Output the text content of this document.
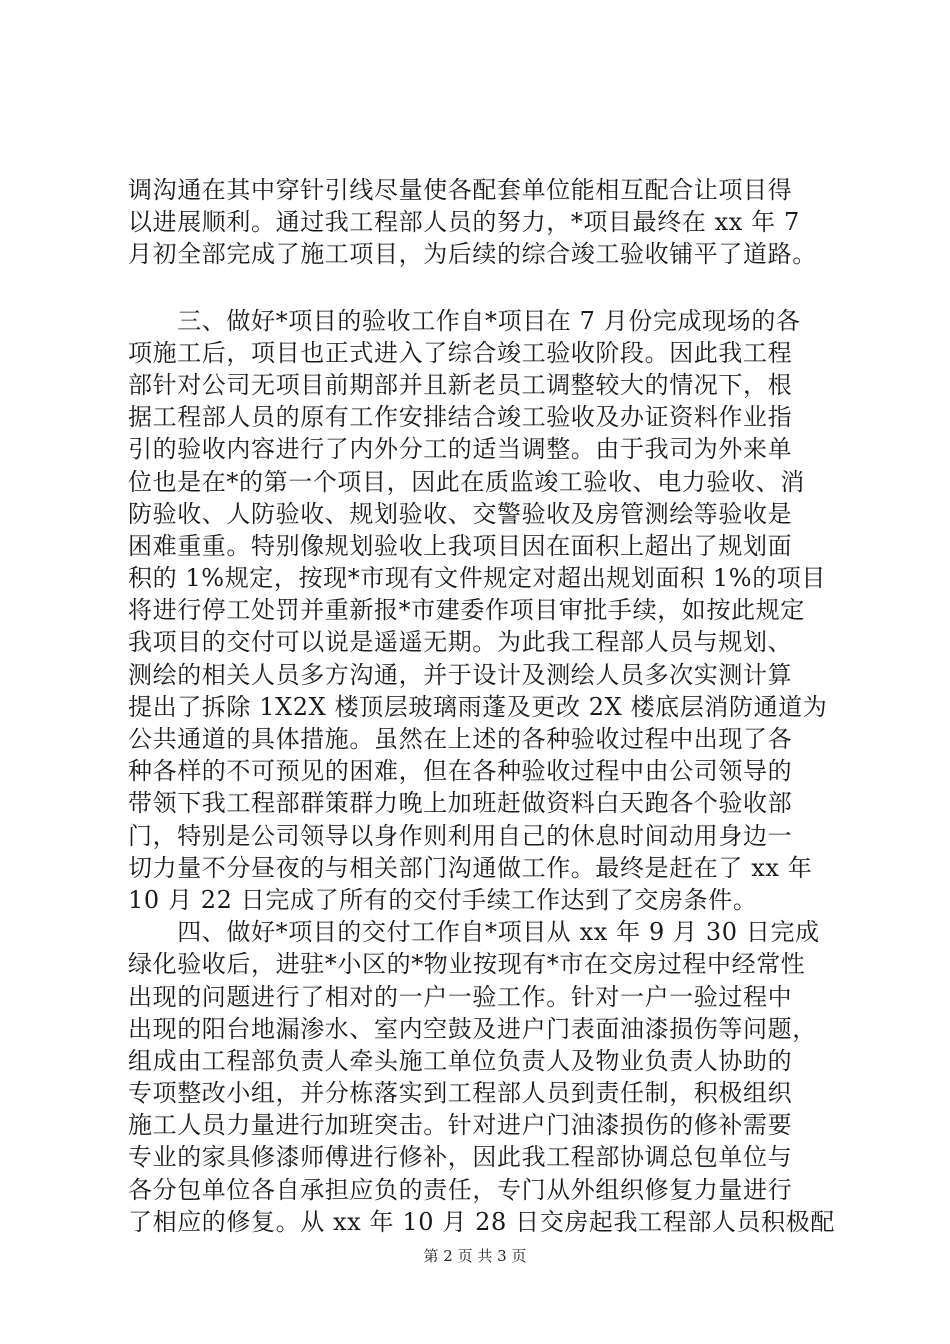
调沟通在其中穿针引线尽量使各配套单位能相互配合让项目得
以进展顺利。通过我工程部人员的努力，*项目最终在 xx 年 7
月初全部完成了施工项目，为后续的综合竣工验收铺平了道路。
　　三、做好*项目的验收工作自*项目在 7 月份完成现场的各
项施工后，项目也正式进入了综合竣工验收阶段。因此我工程
部针对公司无项目前期部并且新老员工调整较大的情况下，根
据工程部人员的原有工作安排结合竣工验收及办证资料作业指
引的验收内容进行了内外分工的适当调整。由于我司为外来单
位也是在*的第一个项目，因此在质监竣工验收、电力验收、消
防验收、人防验收、规划验收、交警验收及房管测绘等验收是
困难重重。特别像规划验收上我项目因在面积上超出了规划面
积的 1%规定，按现*市现有文件规定对超出规划面积 1%的项目
将进行停工处罚并重新报*市建委作项目审批手续，如按此规定
我项目的交付可以说是遥遥无期。为此我工程部人员与规划、
测绘的相关人员多方沟通，并于设计及测绘人员多次实测计算
提出了拆除 1X2X 楼顶层玻璃雨蓬及更改 2X 楼底层消防通道为
公共通道的具体措施。虽然在上述的各种验收过程中出现了各
种各样的不可预见的困难，但在各种验收过程中由公司领导的
带领下我工程部群策群力晚上加班赶做资料白天跑各个验收部
门，特别是公司领导以身作则利用自己的休息时间动用身边一
切力量不分昼夜的与相关部门沟通做工作。最终是赶在了 xx 年
10 月 22 日完成了所有的交付手续工作达到了交房条件。
　　四、做好*项目的交付工作自*项目从 xx 年 9 月 30 日完成
绿化验收后，进驻*小区的*物业按现有*市在交房过程中经常性
出现的问题进行了相对的一户一验工作。针对一户一验过程中
出现的阳台地漏渗水、室内空鼓及进户门表面油漆损伤等问题，
组成由工程部负责人牵头施工单位负责人及物业负责人协助的
专项整改小组，并分栋落实到工程部人员到责任制，积极组织
施工人员力量进行加班突击。针对进户门油漆损伤的修补需要
专业的家具修漆师傅进行修补，因此我工程部协调总包单位与
各分包单位各自承担应负的责任，专门从外组织修复力量进行
了相应的修复。从 xx 年 10 月 28 日交房起我工程部人员积极配
第 2 页 共 3 页
